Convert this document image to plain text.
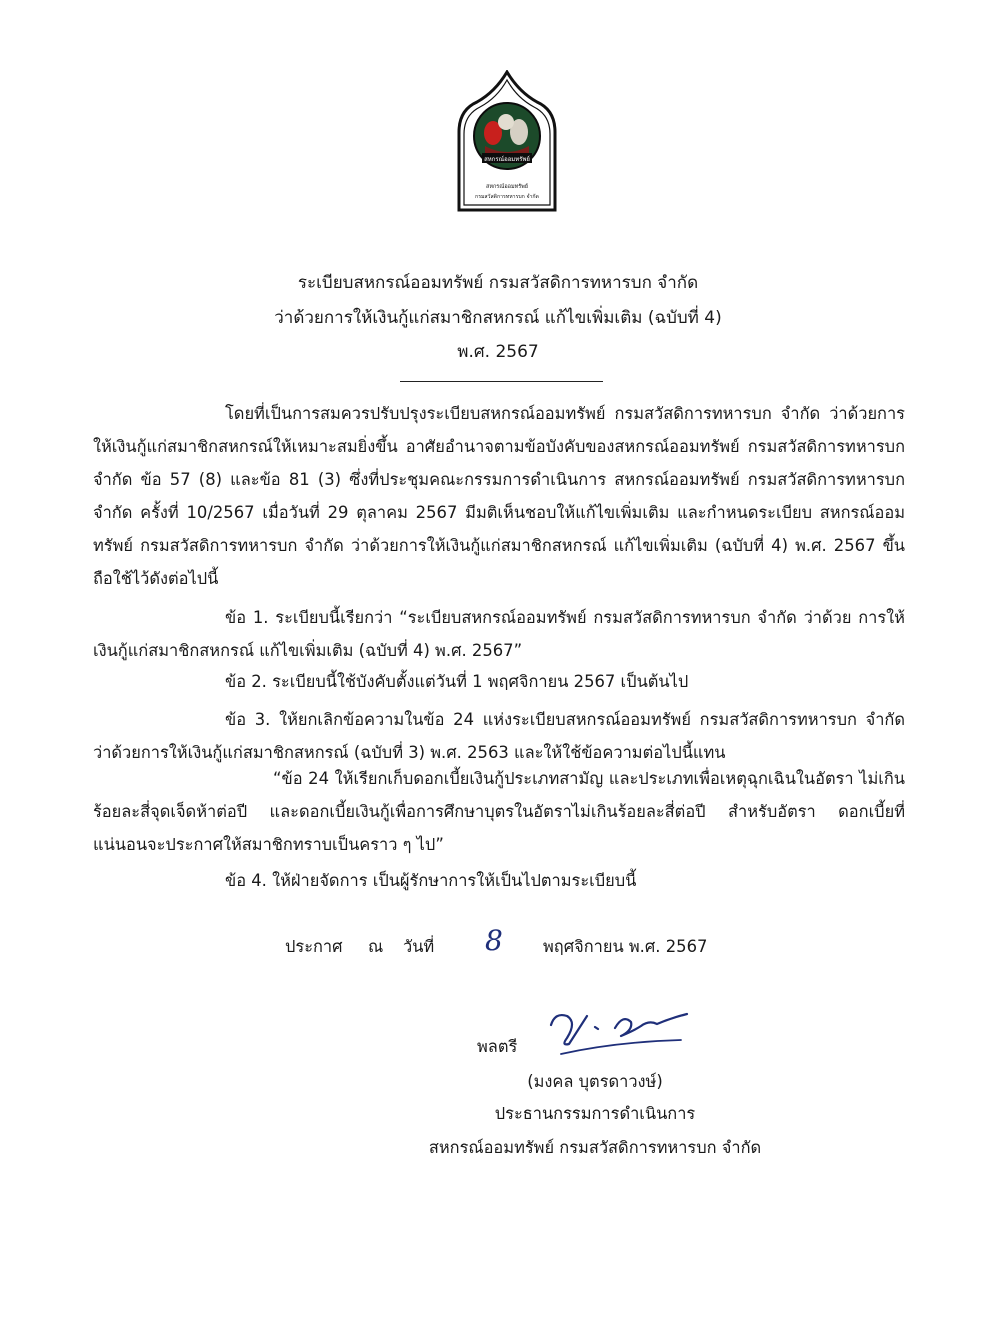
สหกรณ์ออมทรัพย์
สหกรณ์ออมทรัพย์
กรมสวัสดิการทหารบก จำกัด
ระเบียบสหกรณ์ออมทรัพย์ กรมสวัสดิการทหารบก จำกัด
ว่าด้วยการให้เงินกู้แก่สมาชิกสหกรณ์ แก้ไขเพิ่มเติม (ฉบับที่ 4)
พ.ศ. 2567

โดยที่เป็นการสมควรปรับปรุงระเบียบสหกรณ์ออมทรัพย์ กรมสวัสดิการทหารบก จำกัด ว่าด้วยการให้เงินกู้แก่สมาชิกสหกรณ์ให้เหมาะสมยิ่งขึ้น อาศัยอำนาจตามข้อบังคับของสหกรณ์ออมทรัพย์ กรมสวัสดิการทหารบก จำกัด ข้อ 57 (8) และข้อ 81 (3) ซึ่งที่ประชุมคณะกรรมการดำเนินการ สหกรณ์ออมทรัพย์ กรมสวัสดิการทหารบก จำกัด ครั้งที่ 10/2567 เมื่อวันที่ 29 ตุลาคม 2567 มีมติเห็นชอบให้แก้ไขเพิ่มเติม และกำหนดระเบียบ สหกรณ์ออมทรัพย์ กรมสวัสดิการทหารบก จำกัด ว่าด้วยการให้เงินกู้แก่สมาชิกสหกรณ์ แก้ไขเพิ่มเติม (ฉบับที่ 4) พ.ศ. 2567 ขึ้นถือใช้ไว้ดังต่อไปนี้

ข้อ 1. ระเบียบนี้เรียกว่า “ระเบียบสหกรณ์ออมทรัพย์ กรมสวัสดิการทหารบก จำกัด ว่าด้วย การให้เงินกู้แก่สมาชิกสหกรณ์ แก้ไขเพิ่มเติม (ฉบับที่ 4) พ.ศ. 2567”

ข้อ 2. ระเบียบนี้ใช้บังคับตั้งแต่วันที่ 1 พฤศจิกายน 2567 เป็นต้นไป

ข้อ 3. ให้ยกเลิกข้อความในข้อ 24 แห่งระเบียบสหกรณ์ออมทรัพย์ กรมสวัสดิการทหารบก จำกัด ว่าด้วยการให้เงินกู้แก่สมาชิกสหกรณ์ (ฉบับที่ 3) พ.ศ. 2563 และให้ใช้ข้อความต่อไปนี้แทน

“ข้อ 24 ให้เรียกเก็บดอกเบี้ยเงินกู้ประเภทสามัญ และประเภทเพื่อเหตุฉุกเฉินในอัตรา ไม่เกินร้อยละสี่จุดเจ็ดห้าต่อปี และดอกเบี้ยเงินกู้เพื่อการศึกษาบุตรในอัตราไม่เกินร้อยละสี่ต่อปี สำหรับอัตรา ดอกเบี้ยที่แน่นอนจะประกาศให้สมาชิกทราบเป็นคราว ๆ ไป”

ข้อ 4. ให้ฝ่ายจัดการ เป็นผู้รักษาการให้เป็นไปตามระเบียบนี้
ประกาศ ณ วันที่ 8 พฤศจิกายน พ.ศ. 2567
พลตรี
(มงคล บุตรดาวงษ์)
ประธานกรรมการดำเนินการ
สหกรณ์ออมทรัพย์ กรมสวัสดิการทหารบก จำกัด
